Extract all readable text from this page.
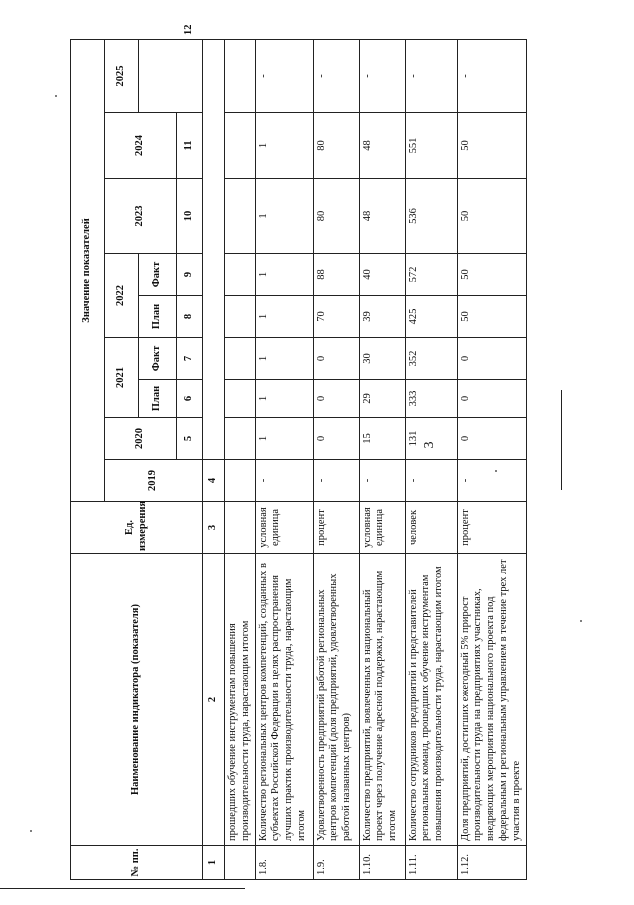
3
№ пп.	Наименование индикатора (показателя)	Ед. измерения	Значение показателей									
			2019	2020	2021		2022		2023	2024	2025	
					План	Факт	План	Факт				
				5	6	7	8	9	10	11		12
1	2	3	4									
	прошедших обучение инструментам повышения производительности труда, нарастающим итогом											
1.8.	Количество региональных центров компетенций, созданных в субъектах Российской Федерации в целях распространения лучших практик производительности труда, нарастающим итогом	условная единица	-	1	1	1	1	1	1	1	-	
1.9.	Удовлетворенность предприятий работой региональных центров компетенций (доля предприятий, удовлетворенных работой названных центров)	процент	-	0	0	0	70	88	80	80	-	
1.10.	Количество предприятий, вовлеченных в национальный проект через получение адресной поддержки, нарастающим итогом	условная единица	-	15	29	30	39	40	48	48	-	
1.11.	Количество сотрудников предприятий и представителей региональных команд, прошедших обучение инструментам повышения производительности труда, нарастающим итогом	человек	-	131	333	352	425	572	536	551	-	
1.12.	Доля предприятий, достигших ежегодный 5% прирост производительности труда на предприятиях участниках, внедряющих мероприятия национального проекта под федеральным и региональным управлением в течение трех лет участия в проекте	процент	-	0	0	0	50	50	50	50	-	
